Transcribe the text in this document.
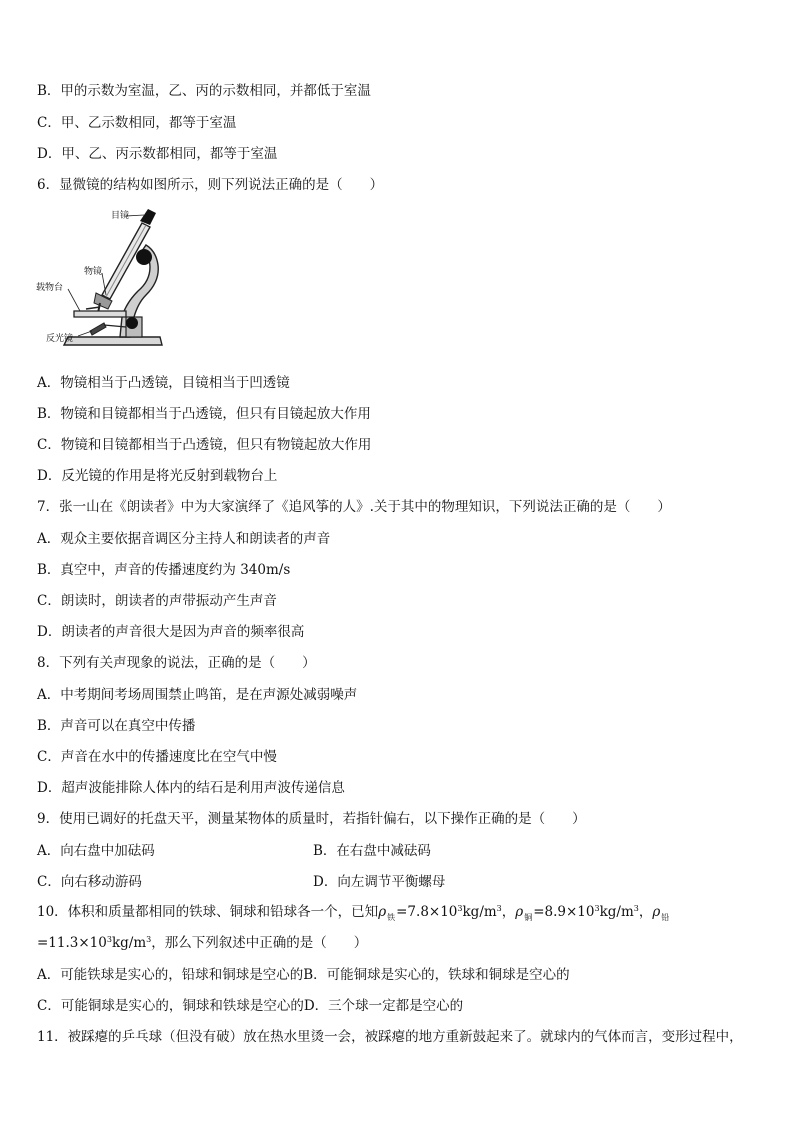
B．甲的示数为室温，乙、丙的示数相同，并都低于室温
C．甲、乙示数相同，都等于室温
D．甲、乙、丙示数都相同，都等于室温
6．显微镜的结构如图所示，则下列说法正确的是（　　）
目镜
物镜
载物台
反光镜
A．物镜相当于凸透镜，目镜相当于凹透镜
B．物镜和目镜都相当于凸透镜，但只有目镜起放大作用
C．物镜和目镜都相当于凸透镜，但只有物镜起放大作用
D．反光镜的作用是将光反射到载物台上
7．张一山在《朗读者》中为大家演绎了《追风筝的人》.关于其中的物理知识，下列说法正确的是（　　）
A．观众主要依据音调区分主持人和朗读者的声音
B．真空中，声音的传播速度约为 340m/s
C．朗读时，朗读者的声带振动产生声音
D．朗读者的声音很大是因为声音的频率很高
8．下列有关声现象的说法，正确的是（　　）
A．中考期间考场周围禁止鸣笛，是在声源处减弱噪声
B．声音可以在真空中传播
C．声音在水中的传播速度比在空气中慢
D．超声波能排除人体内的结石是利用声波传递信息
9．使用已调好的托盘天平，测量某物体的质量时，若指针偏右，以下操作正确的是（　　）
A．向右盘中加砝码	B．在右盘中减砝码
C．向右移动游码	D．向左调节平衡螺母
10．体积和质量都相同的铁球、铜球和铅球各一个，已知$\rho_铁=7.8\times 10^3kg/m^3$，$\rho_铜=8.9\times 10^3kg/m^3$，$\rho_铅$
$=11.3\times 10^3kg/m^3$，那么下列叙述中正确的是（　　）
A．可能铁球是实心的，铅球和铜球是空心的B．可能铜球是实心的，铁球和铜球是空心的
C．可能铜球是实心的，铜球和铁球是空心的D．三个球一定都是空心的
11．被踩瘪的乒乓球（但没有破）放在热水里烫一会，被踩瘪的地方重新鼓起来了。就球内的气体而言，变形过程中，
